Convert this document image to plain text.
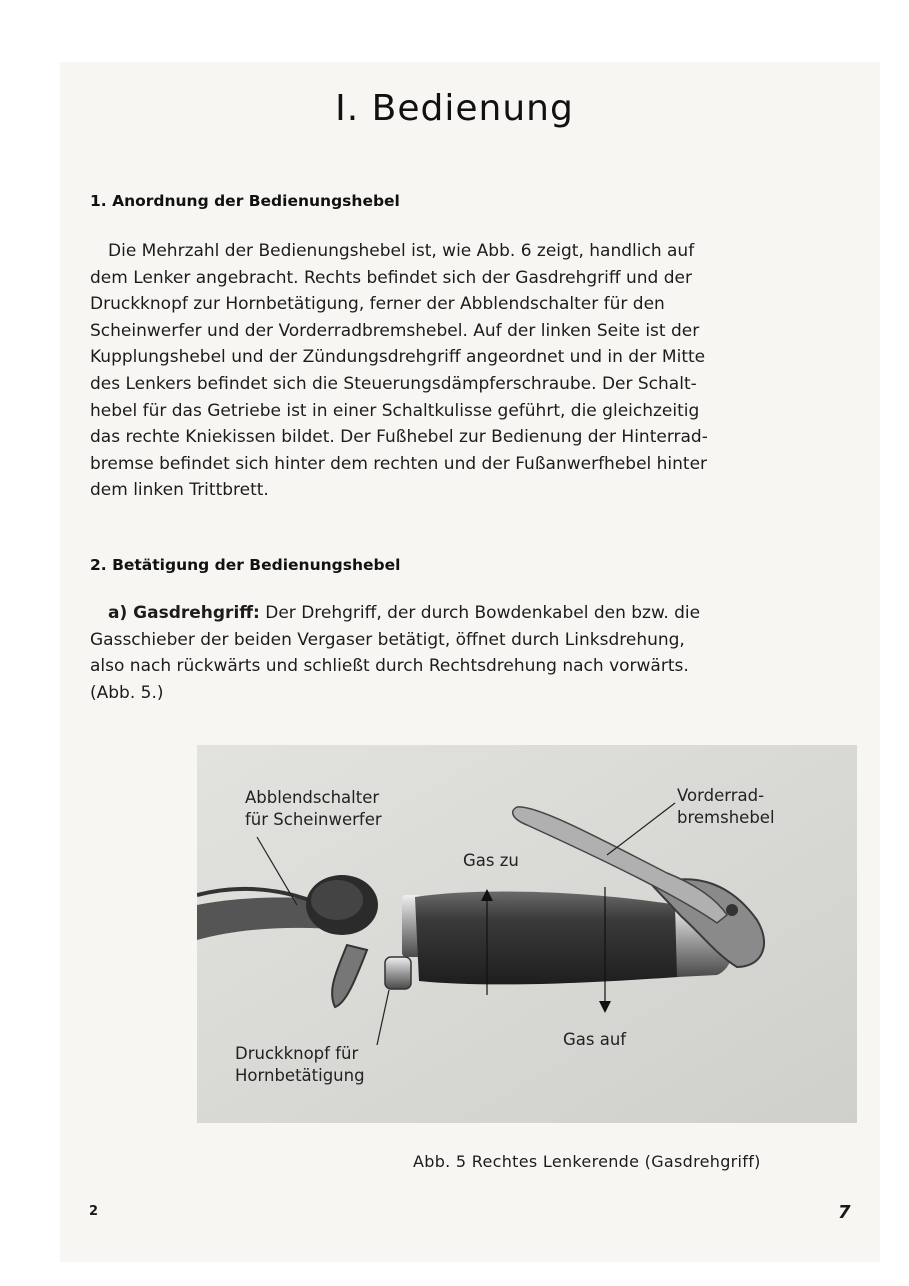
I. Bedienung
1. Anordnung der Bedienungshebel

Die Mehrzahl der Bedienungshebel ist, wie Abb. 6 zeigt, handlich auf

dem Lenker angebracht. Rechts befindet sich der Gasdrehgriff und der

Druckknopf zur Hornbetätigung, ferner der Abblendschalter für den

Scheinwerfer und der Vorderradbremshebel. Auf der linken Seite ist der

Kupplungshebel und der Zündungsdrehgriff angeordnet und in der Mitte

des Lenkers befindet sich die Steuerungsdämpferschraube. Der Schalt-

hebel für das Getriebe ist in einer Schaltkulisse geführt, die gleichzeitig

das rechte Kniekissen bildet. Der Fußhebel zur Bedienung der Hinterrad-

bremse befindet sich hinter dem rechten und der Fußanwerfhebel hinter

dem linken Trittbrett.

2. Betätigung der Bedienungshebel

a) Gasdrehgriff: Der Drehgriff, der durch Bowdenkabel den bzw. die

Gasschieber der beiden Vergaser betätigt, öffnet durch Linksdrehung,

also nach rückwärts und schließt durch Rechtsdrehung nach vorwärts.

(Abb. 5.)

Abblendschalter
für Scheinwerfer
Vorderrad-
bremshebel
Gas zu
Gas auf
Druckknopf für
Hornbetätigung
Abb. 5 Rechtes Lenkerende (Gasdrehgriff)
2	7
